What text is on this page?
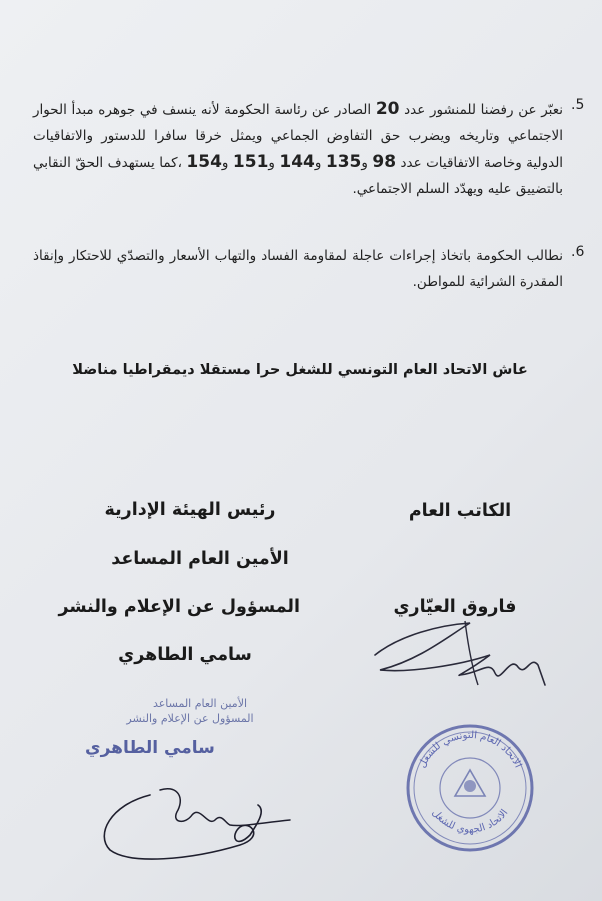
.5
نعبّر عن رفضنا للمنشور عدد 20 الصادر عن رئاسة الحكومة لأنه ينسف في جوهره مبدأ الحوار الاجتماعي وتاريخه ويضرب حق التفاوض الجماعي ويمثل خرقا سافرا للدستور والاتفاقيات الدولية وخاصة الاتفاقيات عدد 98 و135 و144 و151 و154 ،كما يستهدف الحقّ النقابي بالتضييق عليه ويهدّد السلم الاجتماعي.
.6
نطالب الحكومة باتخاذ إجراءات عاجلة لمقاومة الفساد والتهاب الأسعار والتصدّي للاحتكار وإنقاذ المقدرة الشرائية للمواطن.
عاش الاتحاد العام التونسي للشغل حرا مستقلا ديمقراطيا مناضلا
رئيس الهيئة الإدارية
الأمين العام المساعد
المسؤول عن الإعلام والنشر
سامي الطاهري
الكاتب العام
فاروق العيّاري
الأمين العام المساعد
المسؤول عن الإعلام والنشر
سامي الطاهري
الاتحاد العام التونسي للشغل
الاتحاد الجهوي للشغل
